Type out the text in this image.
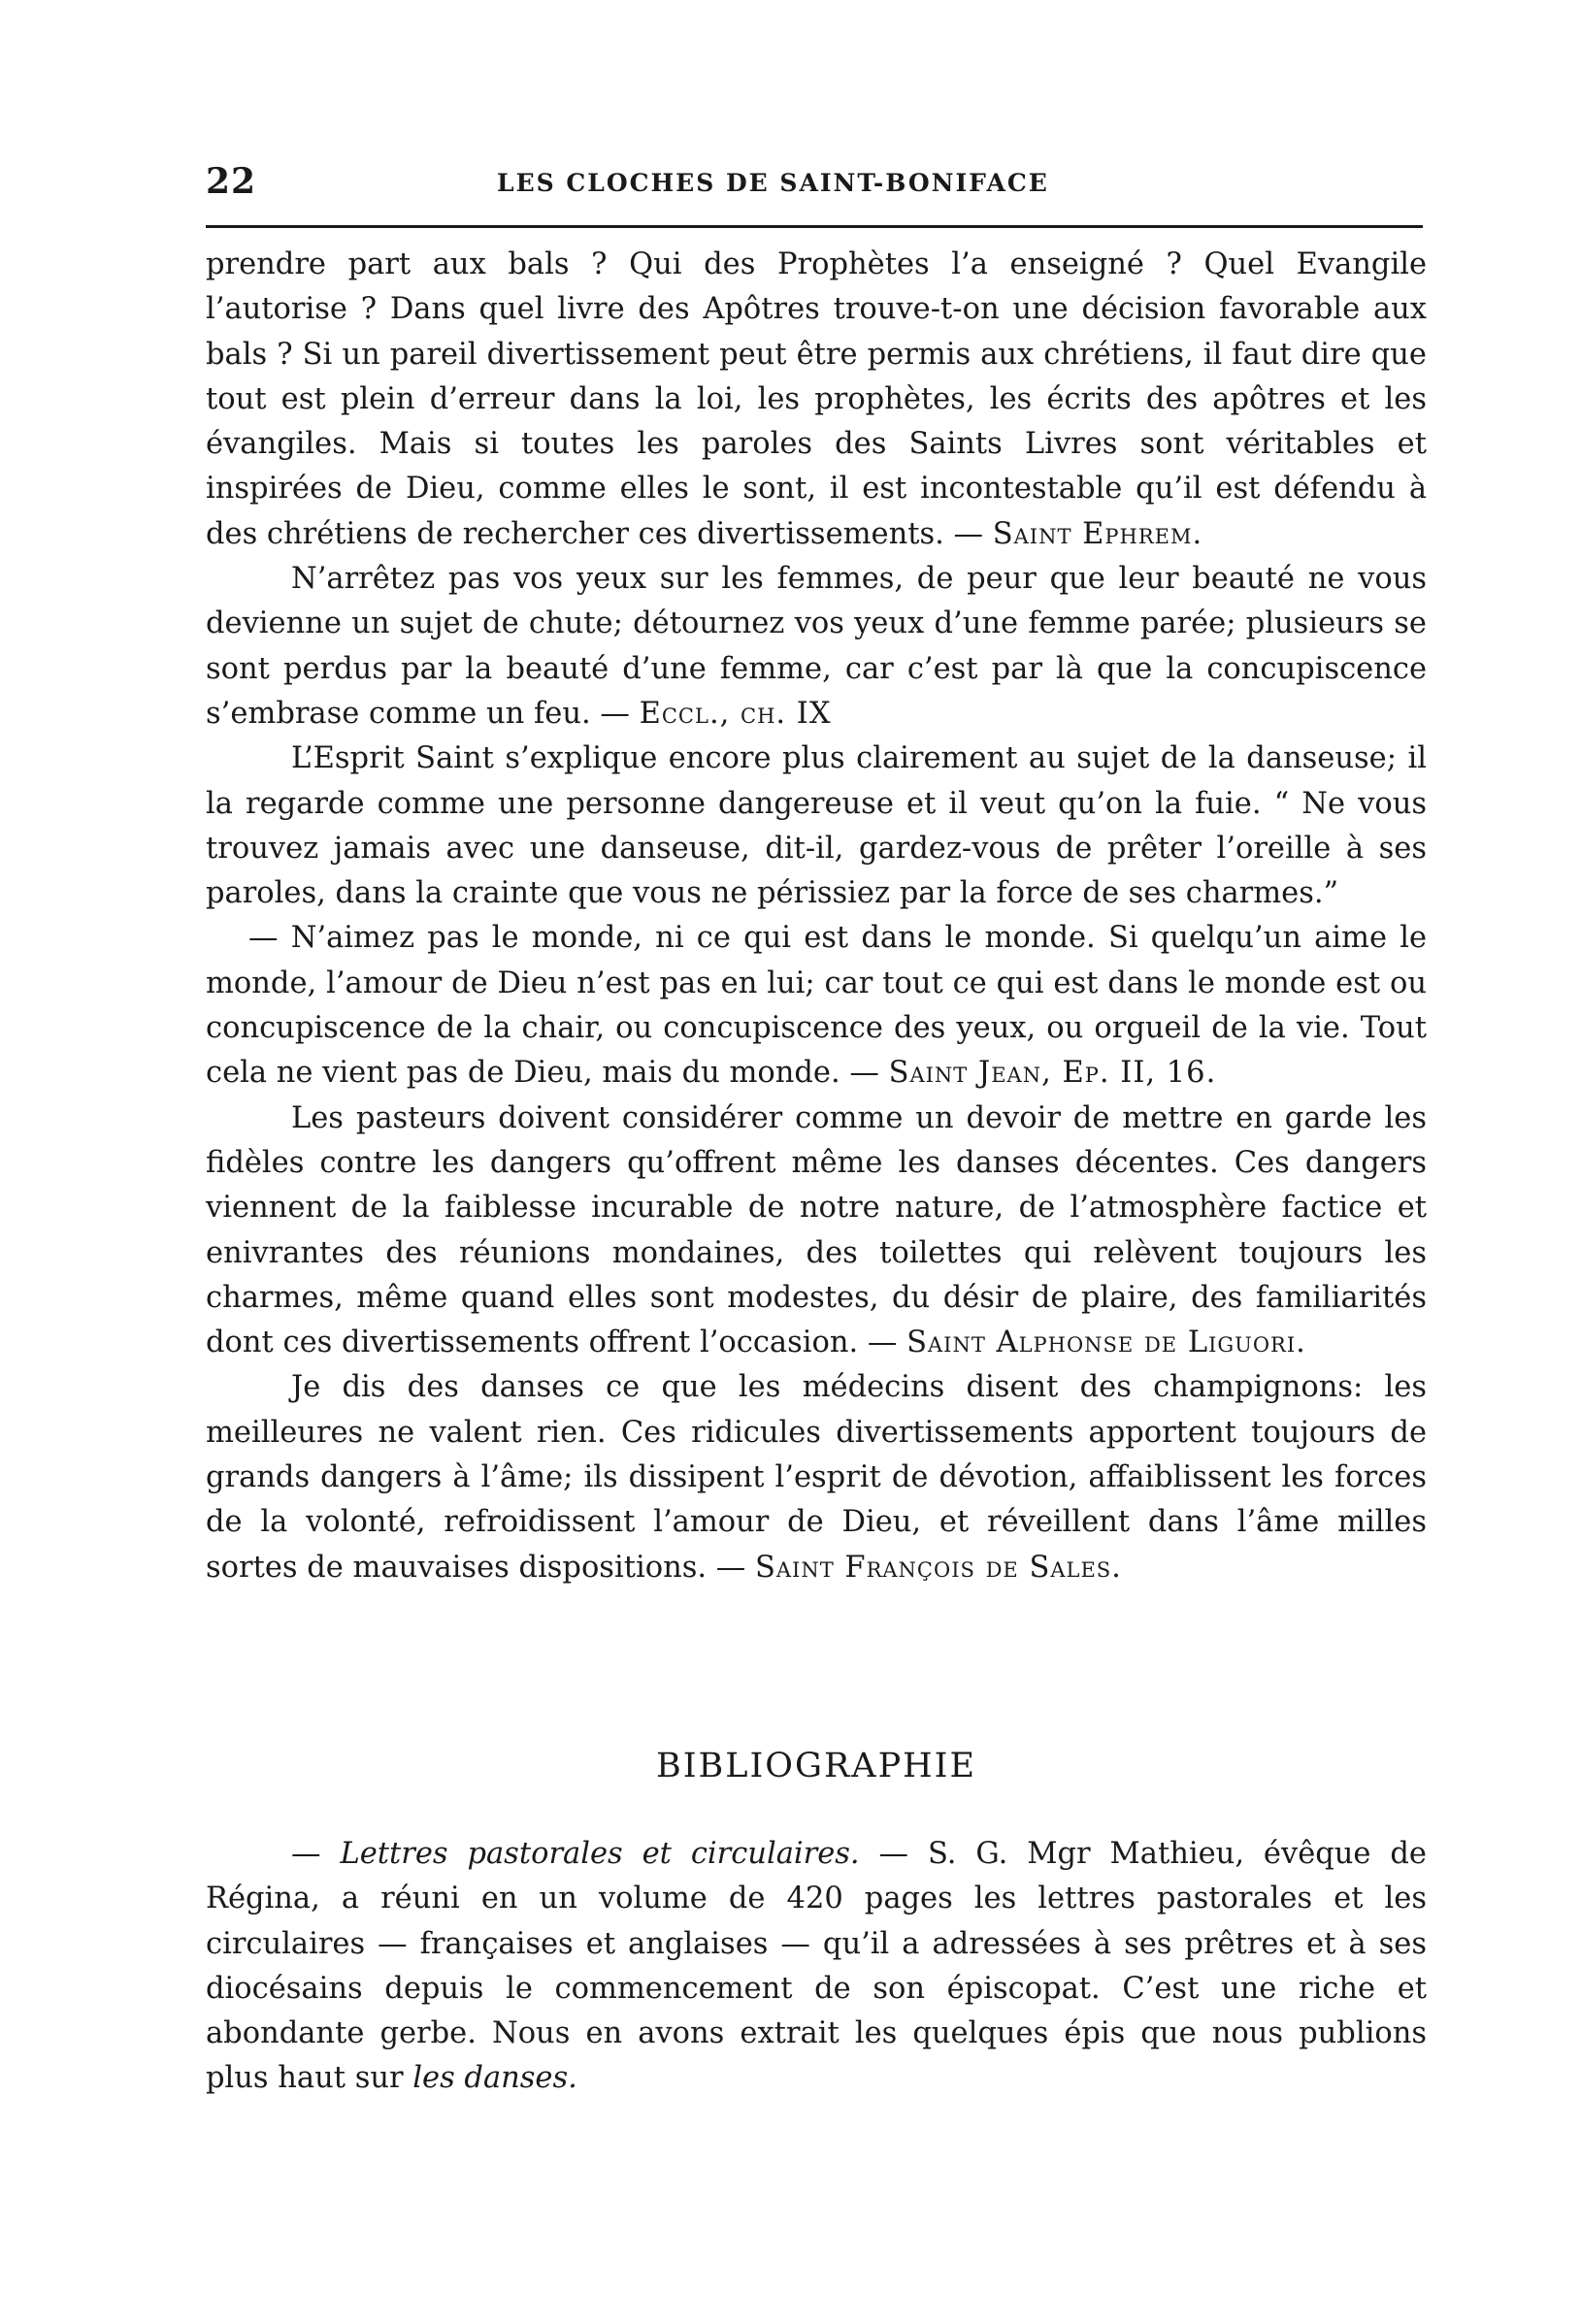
22	LES CLOCHES DE SAINT-BONIFACE

prendre part aux bals ? Qui des Prophètes l’a enseigné ? Quel Evangile l’autorise ? Dans quel livre des Apôtres trouve-t-on une décision favorable aux bals ? Si un pareil divertissement peut être permis aux chrétiens, il faut dire que tout est plein d’erreur dans la loi, les prophètes, les écrits des apôtres et les évangiles. Mais si toutes les paroles des Saints Livres sont véritables et inspirées de Dieu, comme elles le sont, il est incontestable qu’il est défendu à des chrétiens de rechercher ces divertissements. — Saint Ephrem.

N’arrêtez pas vos yeux sur les femmes, de peur que leur beauté ne vous devienne un sujet de chute; détournez vos yeux d’une femme parée; plusieurs se sont perdus par la beauté d’une femme, car c’est par là que la concupiscence s’embrase comme un feu. — Eccl., ch. IX

L’Esprit Saint s’explique encore plus clairement au sujet de la danseuse; il la regarde comme une personne dangereuse et il veut qu’on la fuie. “ Ne vous trouvez jamais avec une danseuse, dit-il, gardez-vous de prêter l’oreille à ses paroles, dans la crainte que vous ne périssiez par la force de ses charmes.”

— N’aimez pas le monde, ni ce qui est dans le monde. Si quelqu’un aime le monde, l’amour de Dieu n’est pas en lui; car tout ce qui est dans le monde est ou concupiscence de la chair, ou concupiscence des yeux, ou orgueil de la vie. Tout cela ne vient pas de Dieu, mais du monde. — Saint Jean, Ep. II, 16.

Les pasteurs doivent considérer comme un devoir de mettre en garde les fidèles contre les dangers qu’offrent même les danses décentes. Ces dangers viennent de la faiblesse incurable de notre nature, de l’atmosphère factice et enivrantes des réunions mondaines, des toilettes qui relèvent toujours les charmes, même quand elles sont modestes, du désir de plaire, des familiarités dont ces divertissements offrent l’occasion. — Saint Alphonse de Liguori.

Je dis des danses ce que les médecins disent des champignons: les meilleures ne valent rien. Ces ridicules divertissements apportent toujours de grands dangers à l’âme; ils dissipent l’esprit de dévotion, affaiblissent les forces de la volonté, refroidissent l’amour de Dieu, et réveillent dans l’âme milles sortes de mauvaises dispositions. — Saint François de Sales.

BIBLIOGRAPHIE

— Lettres pastorales et circulaires. — S. G. Mgr Mathieu, évêque de Régina, a réuni en un volume de 420 pages les lettres pastorales et les circulaires — françaises et anglaises — qu’il a adressées à ses prêtres et à ses diocésains depuis le commencement de son épiscopat. C’est une riche et abondante gerbe. Nous en avons extrait les quelques épis que nous publions plus haut sur les danses.
